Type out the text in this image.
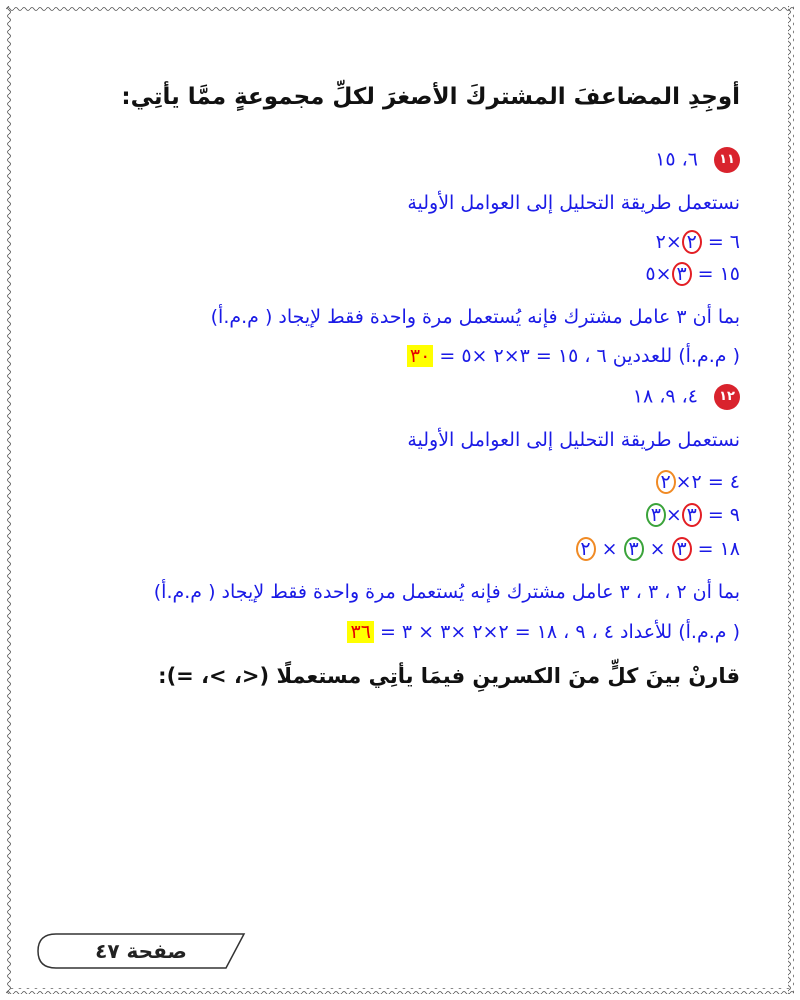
أوجِدِ المضاعفَ المشتركَ الأصغرَ لكلِّ مجموعةٍ ممَّا يأتِي:
١١ ٦، ١٥
نستعمل طريقة التحليل إلى العوامل الأولية
٦ = ٢×٢
١٥ = ٣×٥
بما أن ٣ عامل مشترك فإنه يُستعمل مرة واحدة فقط لإيجاد ( م.م.أ)
( م.م.أ) للعددين ٦ ، ١٥ = ٣×٢ ×٥ = ٣٠
١٢ ٤، ٩، ١٨
نستعمل طريقة التحليل إلى العوامل الأولية
٤ = ٢×٢
٩ = ٣×٣
١٨ = ٣ × ٣ × ٢
بما أن ٢ ، ٣ ، ٣ عامل مشترك فإنه يُستعمل مرة واحدة فقط لإيجاد ( م.م.أ)
( م.م.أ) للأعداد ٤ ، ٩ ، ١٨ = ٢×٢ ×٣ × ٣ = ٣٦
قارنْ بينَ كلٍّ منَ الكسرينِ فيمَا يأتِي مستعملًا (<، >، =):
صفحة ٤٧
